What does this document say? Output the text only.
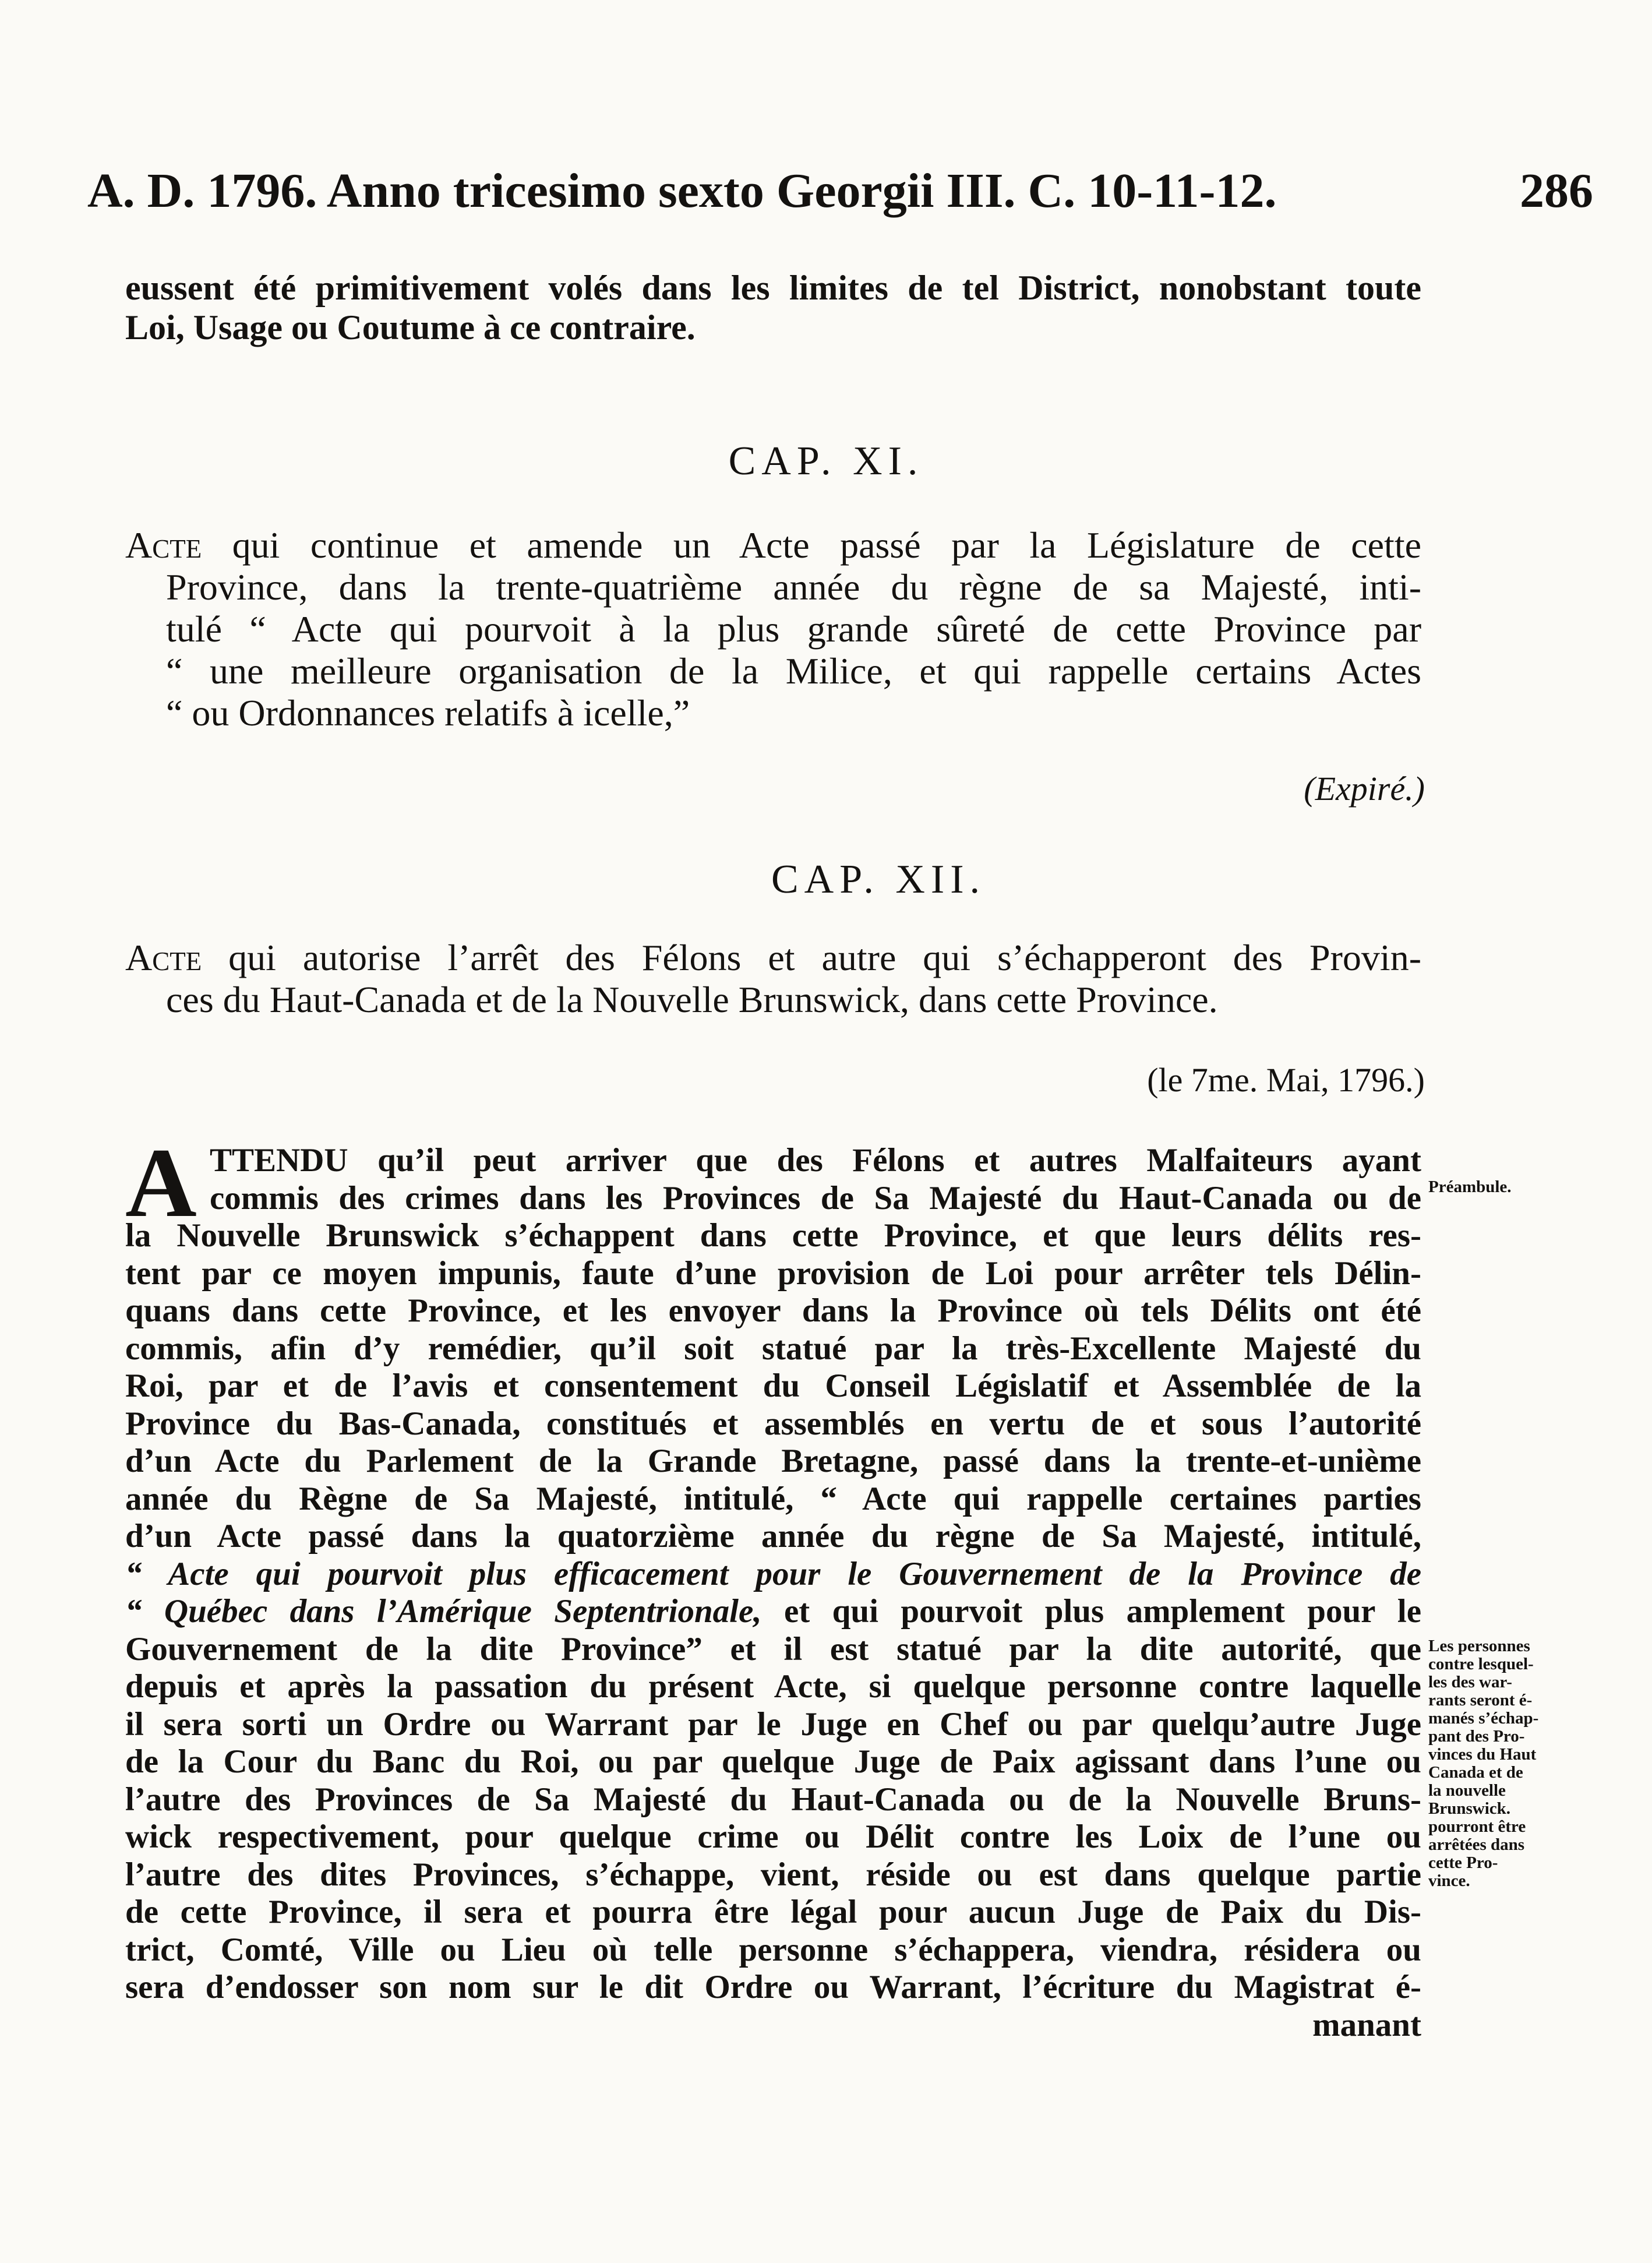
A. D. 1796. Anno tricesimo sexto Georgii III. C. 10-11-12.	286
eussent été primitivement volés dans les limites de tel District, nonobstant toute
Loi, Usage ou Coutume à ce contraire.
CAP. XI.
Acte qui continue et amende un Acte passé par la Législature de cette
Province, dans la trente-quatrième année du règne de sa Majesté, inti-
tulé “ Acte qui pourvoit à la plus grande sûreté de cette Province par
“ une meilleure organisation de la Milice, et qui rappelle certains Actes
“ ou Ordonnances relatifs à icelle,”
(Expiré.)
CAP. XII.
Acte qui autorise l’arrêt des Félons et autre qui s’échapperont des Provin-
ces du Haut-Canada et de la Nouvelle Brunswick, dans cette Province.
(le 7me. Mai, 1796.)
A TTENDU qu’il peut arriver que des Félons et autres Malfaiteurs ayant
commis des crimes dans les Provinces de Sa Majesté du Haut-Canada ou de
la Nouvelle Brunswick s’échappent dans cette Province, et que leurs délits res-
tent par ce moyen impunis, faute d’une provision de Loi pour arrêter tels Délin-
quans dans cette Province, et les envoyer dans la Province où tels Délits ont été
commis, afin d’y remédier, qu’il soit statué par la très-Excellente Majesté du
Roi, par et de l’avis et consentement du Conseil Législatif et Assemblée de la
Province du Bas-Canada, constitués et assemblés en vertu de et sous l’autorité
d’un Acte du Parlement de la Grande Bretagne, passé dans la trente-et-unième
année du Règne de Sa Majesté, intitulé, “ Acte qui rappelle certaines parties
d’un Acte passé dans la quatorzième année du règne de Sa Majesté, intitulé,
“ Acte qui pourvoit plus efficacement pour le Gouvernement de la Province de
“ Québec dans l’Amérique Septentrionale, et qui pourvoit plus amplement pour le
Gouvernement de la dite Province” et il est statué par la dite autorité, que
depuis et après la passation du présent Acte, si quelque personne contre laquelle
il sera sorti un Ordre ou Warrant par le Juge en Chef ou par quelqu’autre Juge
de la Cour du Banc du Roi, ou par quelque Juge de Paix agissant dans l’une ou
l’autre des Provinces de Sa Majesté du Haut-Canada ou de la Nouvelle Bruns-
wick respectivement, pour quelque crime ou Délit contre les Loix de l’une ou
l’autre des dites Provinces, s’échappe, vient, réside ou est dans quelque partie
de cette Province, il sera et pourra être légal pour aucun Juge de Paix du Dis-
trict, Comté, Ville ou Lieu où telle personne s’échappera, viendra, résidera ou
sera d’endosser son nom sur le dit Ordre ou Warrant, l’écriture du Magistrat é-
manant
Préambule.
Les personnes
contre lesquel-
les des war-
rants seront é-
manés s’échap-
pant des Pro-
vinces du Haut
Canada et de
la nouvelle
Brunswick.
pourront être
arrêtées dans
cette Pro-
vince.
